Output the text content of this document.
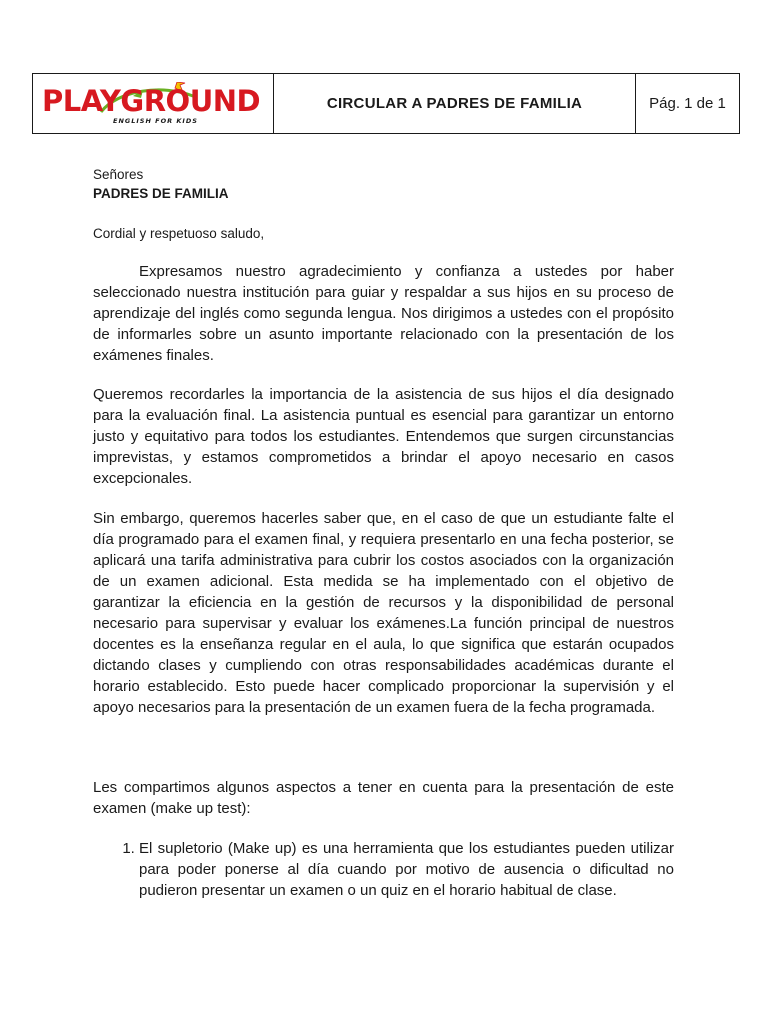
PLAYGROUND
ENGLISH FOR KIDS
CIRCULAR A PADRES DE FAMILIA	Pág. 1 de 1
Señores
PADRES DE FAMILIA
Cordial y respetuoso saludo,

Expresamos nuestro agradecimiento y confianza a ustedes por haber seleccionado nuestra institución para guiar y respaldar a sus hijos en su proceso de aprendizaje del inglés como segunda lengua. Nos dirigimos a ustedes con el propósito de informarles sobre un asunto importante relacionado con la presentación de los exámenes finales.

Queremos recordarles la importancia de la asistencia de sus hijos el día designado para la evaluación final. La asistencia puntual es esencial para garantizar un entorno justo y equitativo para todos los estudiantes. Entendemos que surgen circunstancias imprevistas, y estamos comprometidos a brindar el apoyo necesario en casos excepcionales.

Sin embargo, queremos hacerles saber que, en el caso de que un estudiante falte el día programado para el examen final, y requiera presentarlo en una fecha posterior, se aplicará una tarifa administrativa para cubrir los costos asociados con la organización de un examen adicional. Esta medida se ha implementado con el objetivo de garantizar la eficiencia en la gestión de recursos y la disponibilidad de personal necesario para supervisar y evaluar los exámenes.La función principal de nuestros docentes es la enseñanza regular en el aula, lo que significa que estarán ocupados dictando clases y cumpliendo con otras responsabilidades académicas durante el horario establecido. Esto puede hacer complicado proporcionar la supervisión y el apoyo necesarios para la presentación de un examen fuera de la fecha programada.

Les compartimos algunos aspectos a tener en cuenta para la presentación de este examen (make up test):

1. El supletorio (Make up) es una herramienta que los estudiantes pueden utilizar para poder ponerse al día cuando por motivo de ausencia o dificultad no pudieron presentar un examen o un quiz en el horario habitual de clase.
